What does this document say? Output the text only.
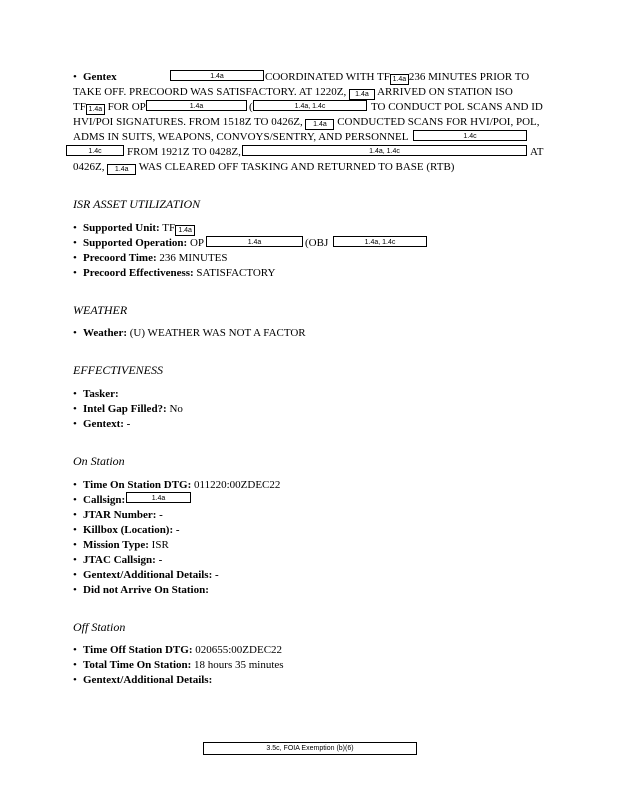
• Gentex	1.4a	COORDINATED WITH TF 1.4a 236 MINUTES PRIOR TO
TAKE OFF. PRECOORD WAS SATISFACTORY. AT 1220Z, 1.4a ARRIVED ON STATION ISO
TF 1.4a FOR OP	1.4a	(	1.4a, 1.4c	TO CONDUCT POL SCANS AND ID
HVI/POI SIGNATURES. FROM 1518Z TO 0426Z, 1.4a CONDUCTED SCANS FOR HVI/POI, POL,
ADMS IN SUITS, WEAPONS, CONVOYS/SENTRY, AND PERSONNEL	1.4c
1.4c	FROM 1921Z TO 0428Z,	1.4a, 1.4c	AT
0426Z, 1.4a WAS CLEARED OFF TASKING AND RETURNED TO BASE (RTB)
ISR ASSET UTILIZATION
• Supported Unit: TF 1.4a
• Supported Operation: OP	1.4a	(OBJ	1.4a, 1.4c
• Precoord Time: 236 MINUTES
• Precoord Effectiveness: SATISFACTORY
WEATHER
• Weather: (U) WEATHER WAS NOT A FACTOR
EFFECTIVENESS
• Tasker:
• Intel Gap Filled?: No
• Gentext: -
On Station
• Time On Station DTG: 011220:00ZDEC22
• Callsign:	1.4a
• JTAR Number: -
• Killbox (Location): -
• Mission Type: ISR
• JTAC Callsign: -
• Gentext/Additional Details: -
• Did not Arrive On Station:
Off Station
• Time Off Station DTG: 020655:00ZDEC22
• Total Time On Station: 18 hours 35 minutes
• Gentext/Additional Details:
3.5c, FOIA Exemption (b)(6)
